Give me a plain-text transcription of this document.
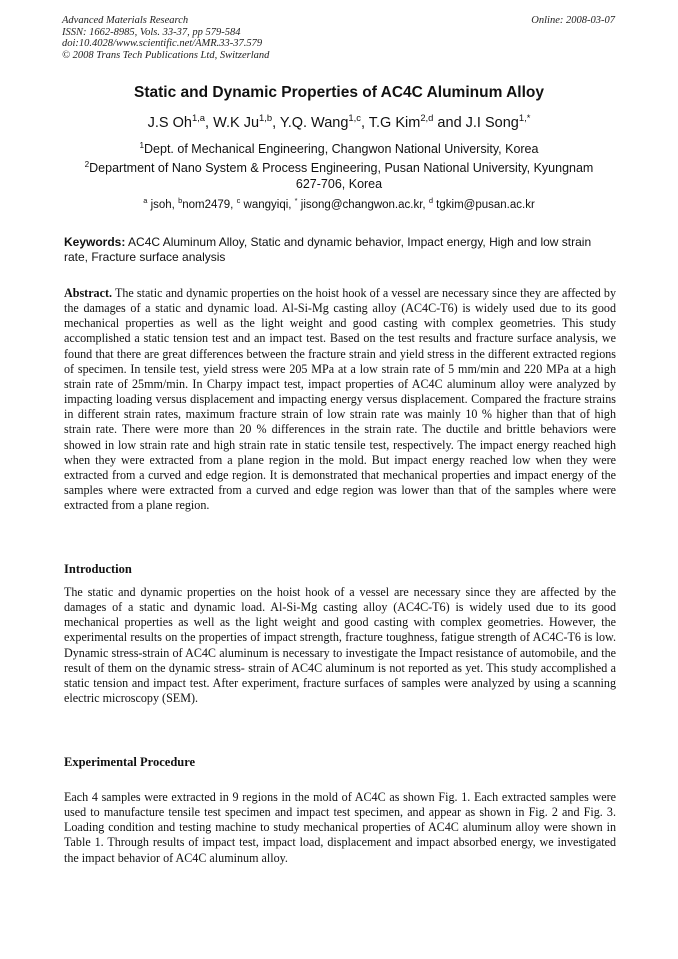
Advanced Materials Research
ISSN: 1662-8985, Vols. 33-37, pp 579-584
doi:10.4028/www.scientific.net/AMR.33-37.579
© 2008 Trans Tech Publications Ltd, Switzerland
Online: 2008-03-07
Static and Dynamic Properties of AC4C Aluminum Alloy
J.S Oh$^{1,a}$, W.K Ju$^{1,b}$, Y.Q. Wang$^{1,c}$, T.G Kim$^{2,d}$ and J.I Song$^{1,*}$
$^1$Dept. of Mechanical Engineering, Changwon National University, Korea
$^2$Department of Nano System & Process Engineering, Pusan National University, Kyungnam 627-706, Korea
$^a$ jsoh, $^b$nom2479, $^c$ wangyiqi, * jisong@changwon.ac.kr, $^d$ tgkim@pusan.ac.kr
Keywords: AC4C Aluminum Alloy, Static and dynamic behavior, Impact energy, High and low strain rate, Fracture surface analysis
Abstract. The static and dynamic properties on the hoist hook of a vessel are necessary since they are affected by the damages of a static and dynamic load. Al-Si-Mg casting alloy (AC4C-T6) is widely used due to its good mechanical properties as well as the light weight and good casting with complex geometries. This study accomplished a static tension test and an impact test. Based on the test results and fracture surface analysis, we found that there are great differences between the fracture strain and yield stress in the different extracted regions of specimen. In tensile test, yield stress were 205 MPa at a low strain rate of 5 mm/min and 220 MPa at a high strain rate of 25mm/min. In Charpy impact test, impact properties of AC4C aluminum alloy were analyzed by impacting loading versus displacement and impacting energy versus displacement. Compared the fracture strains in different strain rates, maximum fracture strain of low strain rate was mainly 10 % higher than that of high strain rate. There were more than 20 % differences in the strain rate. The ductile and brittle behaviors were showed in low strain rate and high strain rate in static tensile test, respectively. The impact energy reached high when they were extracted from a plane region in the mold. But impact energy reached low when they were extracted from a curved and edge region. It is demonstrated that mechanical properties and impact energy of the samples where were extracted from a curved and edge region was lower than that of the samples where were extracted from a plane region.
Introduction
The static and dynamic properties on the hoist hook of a vessel are necessary since they are affected by the damages of a static and dynamic load. Al-Si-Mg casting alloy (AC4C-T6) is widely used due to its good mechanical properties as well as the light weight and good casting with complex geometries. However, the experimental results on the properties of impact strength, fracture toughness, fatigue strength of AC4C-T6 is low. Dynamic stress-strain of AC4C aluminum is necessary to investigate the Impact resistance of automobile, and the result of them on the dynamic stress- strain of AC4C aluminum is not reported as yet. This study accomplished a static tension and impact test. After experiment, fracture surfaces of samples were analyzed by using a scanning electric microscopy (SEM).
Experimental Procedure
Each 4 samples were extracted in 9 regions in the mold of AC4C as shown Fig. 1. Each extracted samples were used to manufacture tensile test specimen and impact test specimen, and appear as shown in Fig. 2 and Fig. 3. Loading condition and testing machine to study mechanical properties of AC4C aluminum alloy were shown in Table 1. Through results of impact test, impact load, displacement and impact absorbed energy, we investigated the impact behavior of AC4C aluminum alloy.
